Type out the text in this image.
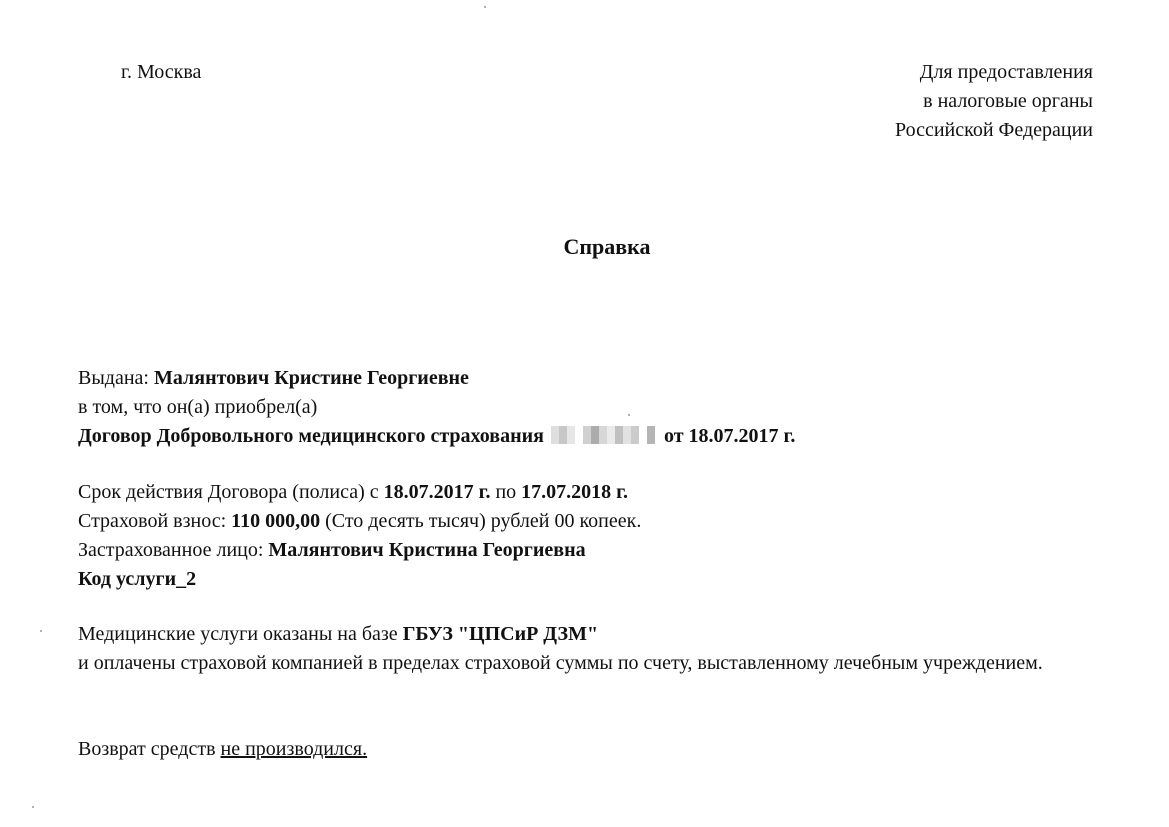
г. Москва	Для предоставления
в налоговые органы
Российской Федерации
Справка
Выдана: Малянтович Кристине Георгиевне
в том, что он(а) приобрел(а)
Договор Добровольного медицинского страхования	от 18.07.2017 г.
Срок действия Договора (полиса) с 18.07.2017 г. по 17.07.2018 г.
Страховой взнос: 110 000,00 (Сто десять тысяч) рублей 00 копеек.
Застрахованное лицо: Малянтович Кристина Георгиевна
Код услуги_2
Медицинские услуги оказаны на базе ГБУЗ "ЦПСиР ДЗМ"
и оплачены страховой компанией в пределах страховой суммы по счету, выставленному лечебным учреждением.
Возврат средств не производился.
